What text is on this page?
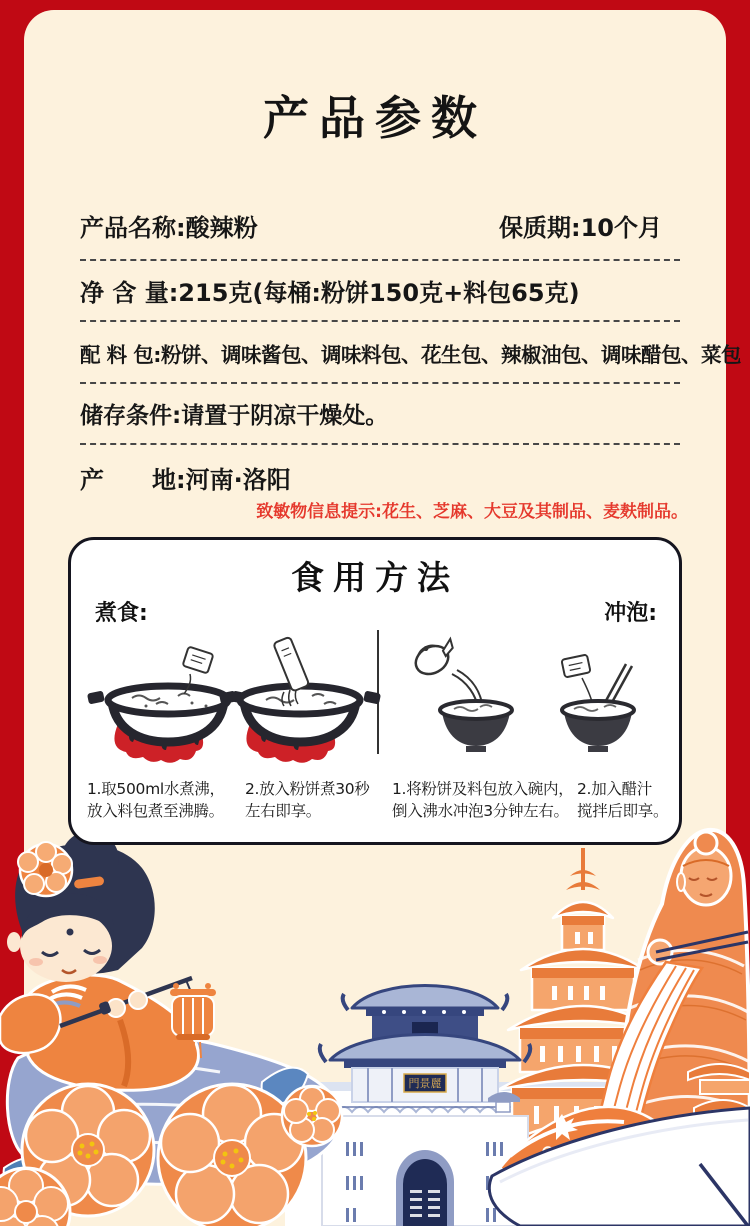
产品参数
产品名称:酸辣粉	保质期:10个月
净 含 量:215克(每桶:粉饼150克+料包65克)
配 料 包:粉饼、调味酱包、调味料包、花生包、辣椒油包、调味醋包、菜包
储存条件:请置于阴凉干燥处。
产　　地:河南·洛阳
致敏物信息提示:花生、芝麻、大豆及其制品、麦麸制品。
門景麗
食用方法
煮食:	冲泡:
1.取500ml水煮沸，
放入料包煮至沸腾。
2.放入粉饼煮30秒
左右即享。
1.将粉饼及料包放入碗内，
倒入沸水冲泡3分钟左右。
2.加入醋汁
搅拌后即享。
